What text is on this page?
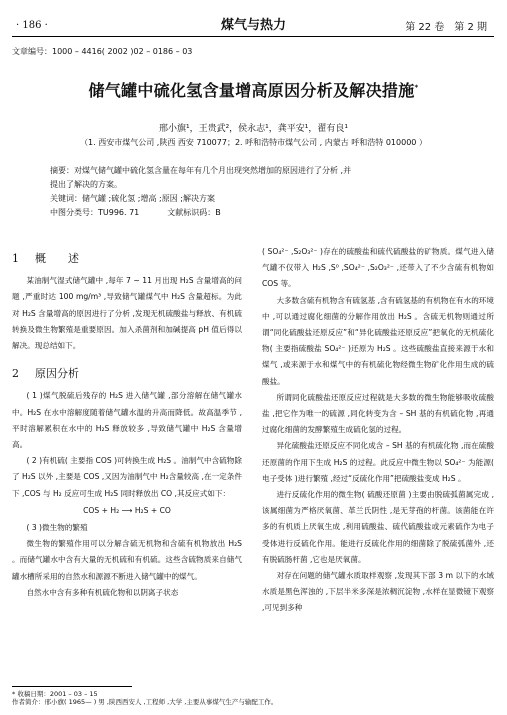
· 186 ·	煤气与热力	第 22 卷　第 2 期
文章编号：1000 – 4416( 2002 )02 – 0186 – 03
储气罐中硫化氢含量增高原因分析及解决措施*
邢小旗¹，王贵武²，侯永志¹，龚平安¹，翟有良¹
（1. 西安市煤气公司 ,陕西 西安 710077；2. 呼和浩特市煤气公司 , 内蒙古 呼和浩特 010000 ）

摘要：对煤气储气罐中硫化氢含量在每年有几个月出现突然增加的原因进行了分析 ,并

提出了解决的方案。

关键词：储气罐 ;硫化氢 ;增高 ;原因 ;解决方案

中图分类号：TU996. 71	文献标识码：B

1 概　　述

某油制气湿式储气罐中 ,每年 7 ~ 11 月出现 H₂S 含量增高的问题 ,严重时达 100 mg/m³ ,导致储气罐煤气中 H₂S 含量超标。为此对 H₂S 含量增高的原因进行了分析 ,发现无机硫酸盐与释放、有机硫转换及微生物繁殖是重要原因。加入杀菌剂和加碱提高 pH 值后得以解决。现总结如下。

2 原因分析

( 1 )煤气脱硫后残存的 H₂S 进入储气罐 ,部分溶解在储气罐水中。H₂S 在水中溶解度随着储气罐水温的升高而降低。故高温季节 ,平时溶解累积在水中的 H₂S 释放较多 ,导致储气罐中 H₂S 含量增高。

( 2 )有机硫( 主要指 COS )可转换生成 H₂S 。油制气中含硫物除了 H₂S 以外 ,主要是 COS ,又因为油制气中 H₂含量较高 ,在一定条件下 ,COS 与 H₂ 反应可生成 H₂S 同时释放出 CO ,其反应式如下：

COS + H₂ ⟶ H₂S + CO

( 3 )微生物的繁殖

微生物的繁殖作用可以分解含硫无机物和含硫有机物放出 H₂S 。而储气罐水中含有大量的无机硫和有机硫。这些含硫物质来自储气罐水槽所采用的自然水和源源不断进入储气罐中的煤气。

自然水中含有多种有机硫化物和以阴离子状态

( SO₄²⁻ ,S₂O₃²⁻ )存在的硫酸盐和硫代硫酸盐的矿物质。煤气进入储气罐不仅带入 H₂S ,S⁰ ,SO₄²⁻ ,S₂O₃²⁻ ,还带入了不少含硫有机物如 COS 等。

大多数含硫有机物含有硫氢基 ,含有硫氢基的有机物在有水的环境中 ,可以通过腐化细菌的分解作用放出 H₂S 。含硫无机物则通过所谓“同化硫酸盐还原反应”和“异化硫酸盐还原反应”把氧化的无机硫化物( 主要指硫酸盐 SO₄²⁻ )还原为 H₂S 。这些硫酸盐直接来源于水和煤气 ,或来源于水和煤气中的有机硫化物经微生物矿化作用生成的硫酸盐。

所谓同化硫酸盐还原反应过程就是大多数的微生物能够吸收硫酸盐 ,把它作为唯一的硫源 ,同化转变为含 – SH 基的有机硫化物 ,再通过腐化细菌的发酵繁殖生成硫化氢的过程。

异化硫酸盐还原反应不同化成含 – SH 基的有机硫化物 ,而在硫酸还原菌的作用下生成 H₂S 的过程。此反应中微生物以 SO₄²⁻ 为能源( 电子受体 )进行繁殖 ,经过“反硫化作用”把硫酸盐变成 H₂S 。

进行反硫化作用的微生物( 硫酸还原菌 )主要由脱硫弧菌属完成 ,该属细菌为严格厌氧菌、革兰氏阴性 ,是无芽孢的杆菌。该菌能在许多的有机质上厌氧生成 ,利用硫酸盐、硫代硫酸盐或元素硫作为电子受体进行反硫化作用。能进行反硫化作用的细菌除了脱硫弧菌外 ,还有脱硫肠杆菌 ,它也是厌氧菌。

对存在问题的储气罐水质取样观察 ,发现其下部 3 m 以下的水域水质是黑色浑浊的 ,下层半米多深是浓稠沉淀物 ,水样在显微镜下观察 ,可见到多种

* 收稿日期：2001 – 03 – 15
作者简介：邢小旗( 1965— ) 男 ,陕西西安人 ,工程师 ,大学 ,主要从事煤气生产与输配工作。
